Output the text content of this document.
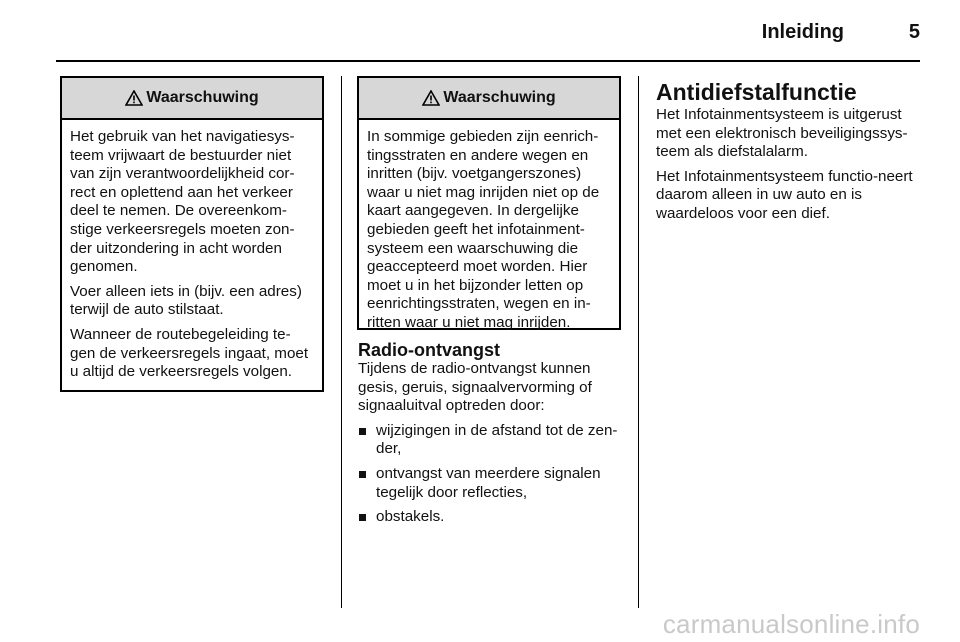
Inleiding	5
Waarschuwing

Het gebruik van het navigatiesys-teem vrijwaart de bestuurder niet van zijn verantwoordelijkheid cor-rect en oplettend aan het verkeer deel te nemen. De overeenkom-stige verkeersregels moeten zon-der uitzondering in acht worden genomen.

Voer alleen iets in (bijv. een adres) terwijl de auto stilstaat.

Wanneer de routebegeleiding te-gen de verkeersregels ingaat, moet u altijd de verkeersregels volgen.

Waarschuwing

In sommige gebieden zijn eenrich-tingsstraten en andere wegen en inritten (bijv. voetgangerszones) waar u niet mag inrijden niet op de kaart aangegeven. In dergelijke gebieden geeft het infotainment-systeem een waarschuwing die geaccepteerd moet worden. Hier moet u in het bijzonder letten op eenrichtingsstraten, wegen en in-ritten waar u niet mag inrijden.

Radio-ontvangst

Tijdens de radio-ontvangst kunnen gesis, geruis, signaalvervorming of signaaluitval optreden door:

wijzigingen in de afstand tot de zen-der,
ontvangst van meerdere signalen tegelijk door reflecties,
obstakels.
Antidiefstalfunctie

Het Infotainmentsysteem is uitgerust met een elektronisch beveiligingssys-teem als diefstalalarm.

Het Infotainmentsysteem functio-neert daarom alleen in uw auto en is waardeloos voor een dief.

carmanualsonline.info
